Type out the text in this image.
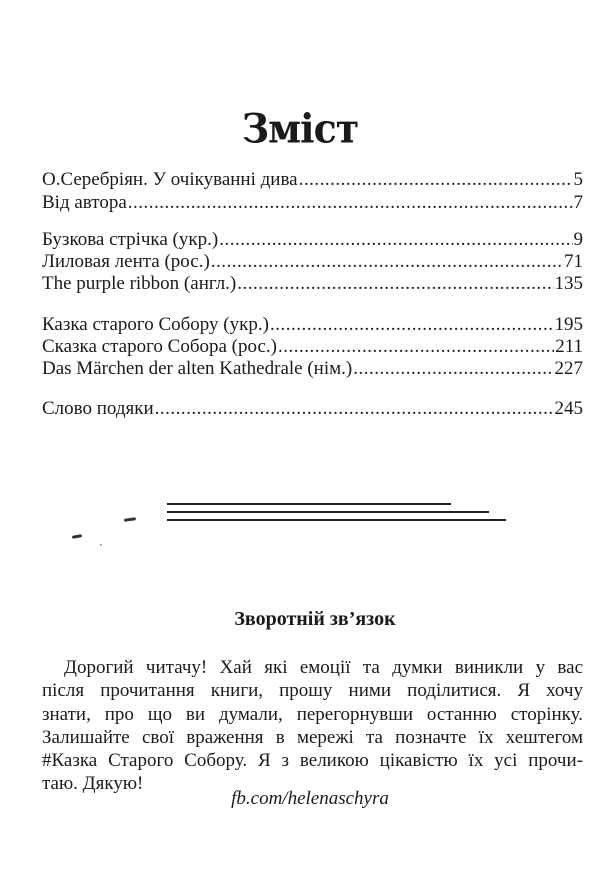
Зміст
О.Серебріян. У очікуванні дива .....	5
Від автора .....	7
Бузкова стрічка (укр.) .....	9
Лиловая лента (рос.) .....	71
The purple ribbon (англ.) .....	135
Казка старого Собору (укр.) .....	195
Сказка старого Собора (рос.) .....	211
Das Märchen der alten Kathedrale (нім.) .....	227
Слово подяки .....	245
Зворотній зв’язок
Дорогий читачу! Хай які емоції та думки виникли у вас
після прочитання книги, прошу ними поділитися. Я хочу
знати, про що ви думали, перегорнувши останню сторінку.
Залишайте свої враження в мережі та позначте їх хештегом
#Казка Старого Собору. Я з великою цікавістю їх усі прочи-
таю. Дякую!
fb.com/helenaschyra
